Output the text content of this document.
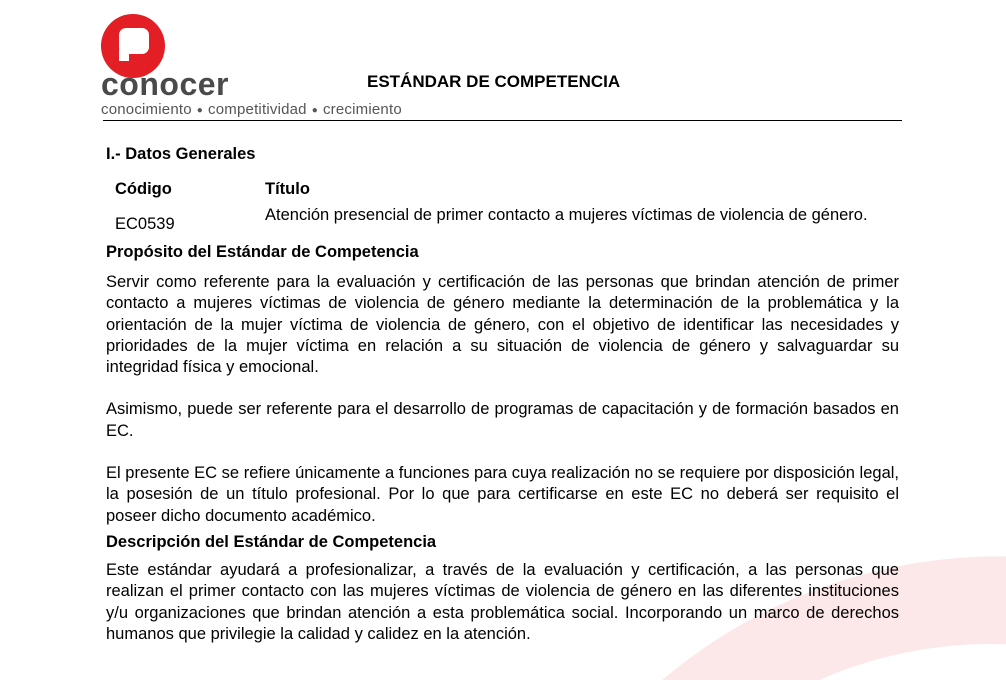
conocer
conocimiento ● competitividad ● crecimiento
ESTÁNDAR DE COMPETENCIA
I.- Datos Generales
Código	Título
EC0539	Atención presencial de primer contacto a mujeres víctimas de violencia de género.
Propósito del Estándar de Competencia

Servir como referente para la evaluación y certificación de las personas que brindan atención de primer contacto a mujeres víctimas de violencia de género mediante la determinación de la problemática y la orientación de la mujer víctima de violencia de género, con el objetivo de identificar las necesidades y prioridades de la mujer víctima en relación a su situación de violencia de género y salvaguardar su integridad física y emocional.

Asimismo, puede ser referente para el desarrollo de programas de capacitación y de formación basados en EC.

El presente EC se refiere únicamente a funciones para cuya realización no se requiere por disposición legal, la posesión de un título profesional. Por lo que para certificarse en este EC no deberá ser requisito el poseer dicho documento académico.

Descripción del Estándar de Competencia

Este estándar ayudará a profesionalizar, a través de la evaluación y certificación, a las personas que realizan el primer contacto con las mujeres víctimas de violencia de género en las diferentes instituciones y/u organizaciones que brindan atención a esta problemática social. Incorporando un marco de derechos humanos que privilegie la calidad y calidez en la atención.
